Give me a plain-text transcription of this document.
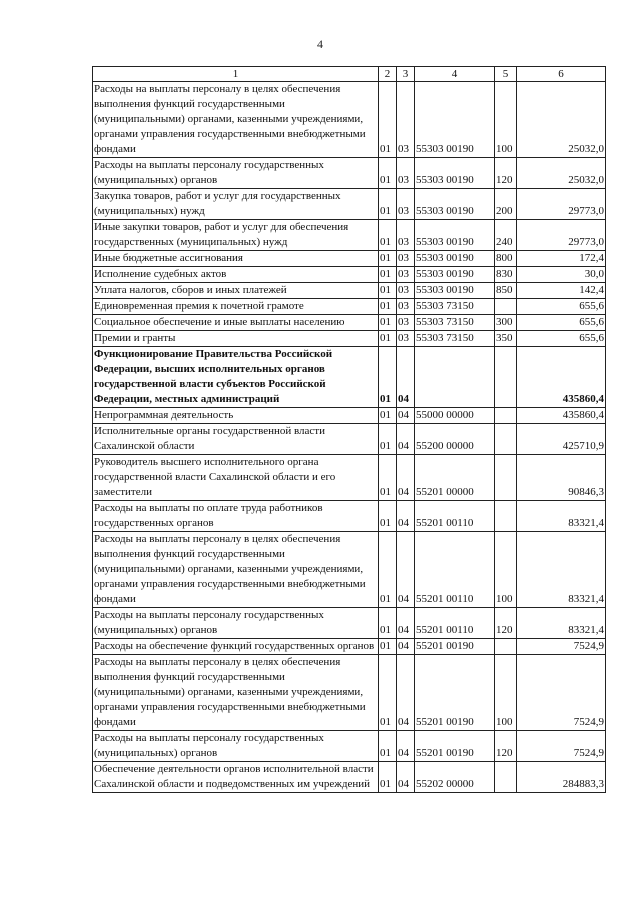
4
1	2	3	4	5	6
Расходы на выплаты персоналу в целях обеспечения выполнения функций государственными (муниципальными) органами, казенными учреждениями, органами управления государственными внебюджетными фондами	01	03	55303 00190	100	25032,0
Расходы на выплаты персоналу государственных (муниципальных) органов	01	03	55303 00190	120	25032,0
Закупка товаров, работ и услуг для государственных (муниципальных) нужд	01	03	55303 00190	200	29773,0
Иные закупки товаров, работ и услуг для обеспечения государственных (муниципальных) нужд	01	03	55303 00190	240	29773,0
Иные бюджетные ассигнования	01	03	55303 00190	800	172,4
Исполнение судебных актов	01	03	55303 00190	830	30,0
Уплата налогов, сборов и иных платежей	01	03	55303 00190	850	142,4
Единовременная премия к почетной грамоте	01	03	55303 73150		655,6
Социальное обеспечение и иные выплаты населению	01	03	55303 73150	300	655,6
Премии и гранты	01	03	55303 73150	350	655,6
Функционирование Правительства Российской Федерации, высших исполнительных органов государственной власти субъектов Российской Федерации, местных администраций	01	04			435860,4
Непрограммная деятельность	01	04	55000 00000		435860,4
Исполнительные органы государственной власти Сахалинской области	01	04	55200 00000		425710,9
Руководитель высшего исполнительного органа государственной власти Сахалинской области и его заместители	01	04	55201 00000		90846,3
Расходы на выплаты по оплате труда работников государственных органов	01	04	55201 00110		83321,4
Расходы на выплаты персоналу в целях обеспечения выполнения функций государственными (муниципальными) органами, казенными учреждениями, органами управления государственными внебюджетными фондами	01	04	55201 00110	100	83321,4
Расходы на выплаты персоналу государственных (муниципальных) органов	01	04	55201 00110	120	83321,4
Расходы на обеспечение функций государственных органов	01	04	55201 00190		7524,9
Расходы на выплаты персоналу в целях обеспечения выполнения функций государственными (муниципальными) органами, казенными учреждениями, органами управления государственными внебюджетными фондами	01	04	55201 00190	100	7524,9
Расходы на выплаты персоналу государственных (муниципальных) органов	01	04	55201 00190	120	7524,9
Обеспечение деятельности органов исполнительной власти Сахалинской области и подведомственных им учреждений	01	04	55202 00000		284883,3
